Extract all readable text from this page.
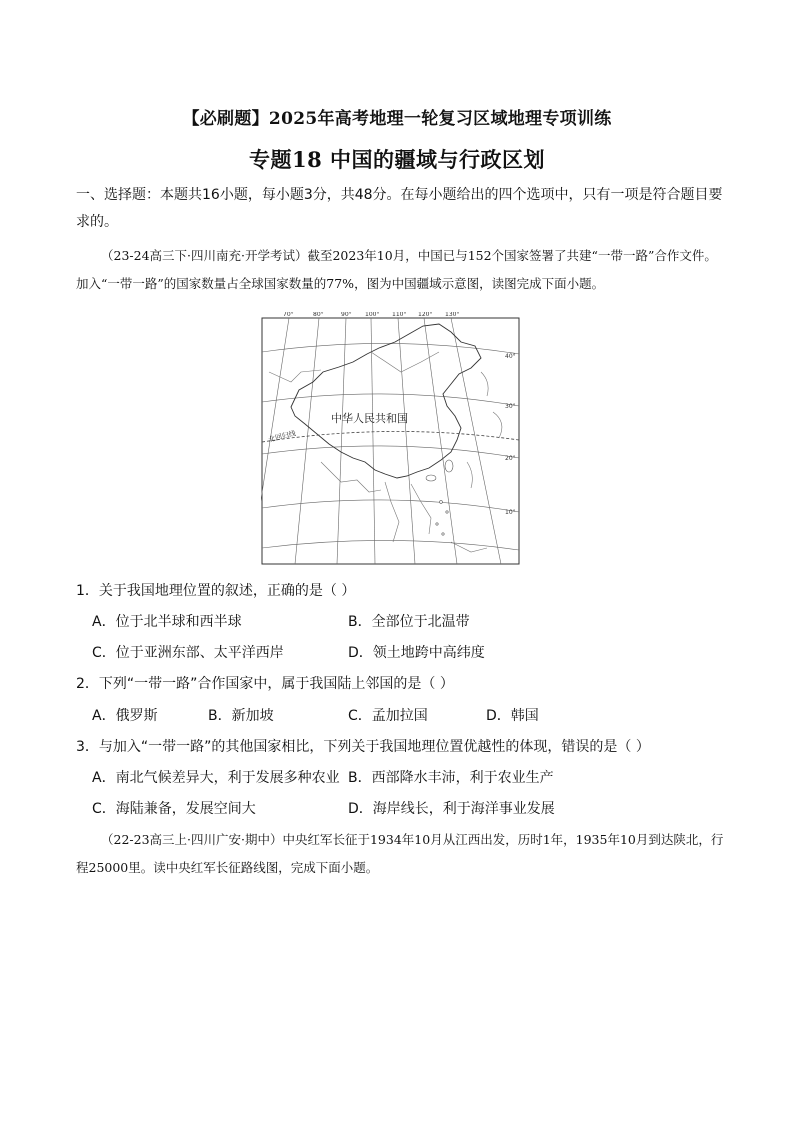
【必刷题】2025年高考地理一轮复习区域地理专项训练
专题18 中国的疆域与行政区划
一、选择题：本题共16小题，每小题3分，共48分。在每小题给出的四个选项中，只有一项是符合题目要求的。
（23-24高三下·四川南充·开学考试）截至2023年10月，中国已与152个国家签署了共建“一带一路”合作文件。加入“一带一路”的国家数量占全球国家数量的77%，图为中国疆域示意图，读图完成下面小题。
70°	80°	90° 100° 110° 120° 130°
40°
30°
20°
10°
中华人民共和国
北回归线
1．关于我国地理位置的叙述，正确的是（ ）
A．位于北半球和西半球	B．全部位于北温带
C．位于亚洲东部、太平洋西岸	D．领土地跨中高纬度
2．下列“一带一路”合作国家中，属于我国陆上邻国的是（ ）
A．俄罗斯	B．新加坡	C．孟加拉国	D．韩国
3．与加入“一带一路”的其他国家相比，下列关于我国地理位置优越性的体现，错误的是（ ）
A．南北气候差异大，利于发展多种农业 B．西部降水丰沛，利于农业生产
C．海陆兼备，发展空间大	D．海岸线长，利于海洋事业发展
（22-23高三上·四川广安·期中）中央红军长征于1934年10月从江西出发，历时1年，1935年10月到达陕北，行程25000里。读中央红军长征路线图，完成下面小题。
